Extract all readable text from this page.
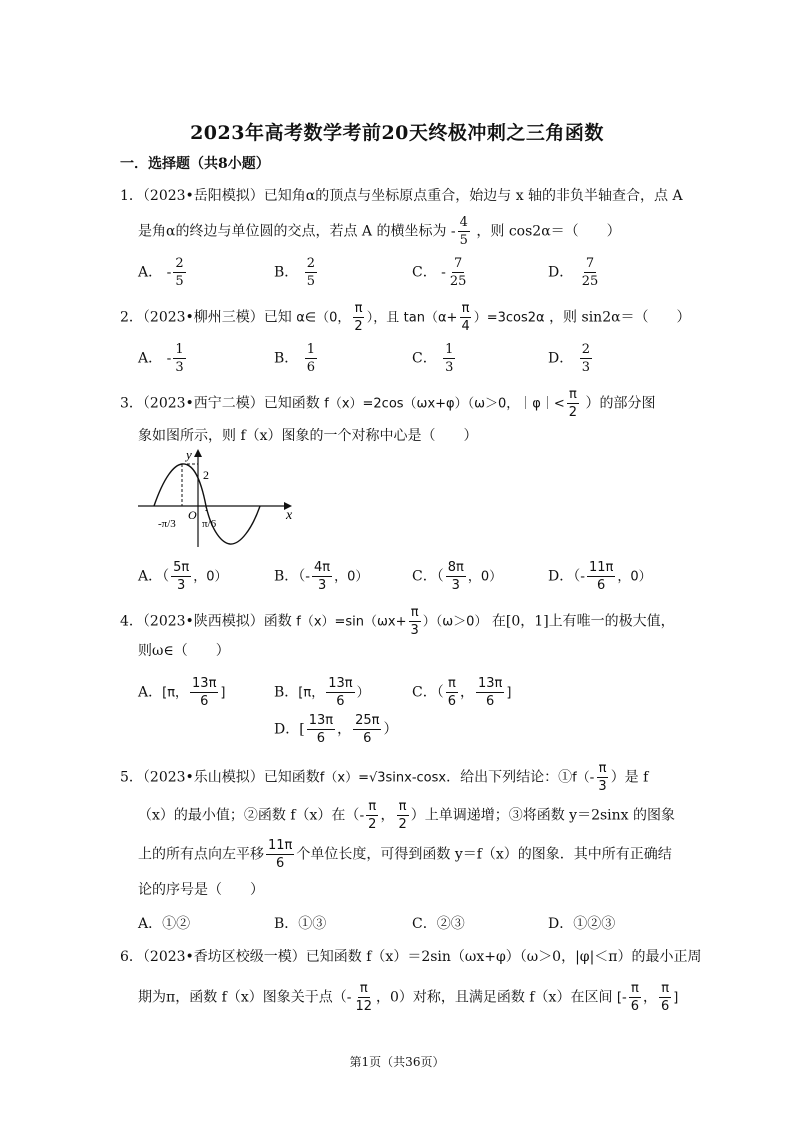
2023年高考数学考前20天终极冲刺之三角函数
一．选择题（共8小题）
1．（2023•岳阳模拟）已知角α的顶点与坐标原点重合，始边与 x 轴的非负半轴查合，点 A
是角α的终边与单位圆的交点，若点 A 的横坐标为 - $\frac{4}{5}$ ，则 cos2α＝（　　）
A． - $\frac{2}{5}$	B． $\frac{2}{5}$	C． - $\frac{7}{25}$	D． $\frac{7}{25}$
2．（2023•柳州三模）已知 α∈（0， $\frac{\pi}{2}$ ），且 $\tan(\alpha+ \frac{\pi}{4} )=3\cos 2\alpha$ ，则 sin2α＝（　　）
A． - $\frac{1}{3}$	B． $\frac{1}{6}$	C． $\frac{1}{3}$	D． $\frac{2}{3}$
3．（2023•西宁二模）已知函数 f（x）=2cos（ωx+φ）（ω＞0，｜φ｜< $\frac{\pi}{2}$ ）的部分图
象如图所示，则 f（x）图象的一个对称中心是（　　）
y
x
2
O
-π/3 π/6
A．（ $\frac{5\pi}{3}$ ，0）	B．（- $\frac{4\pi}{3}$ ，0）	C．（ $\frac{8\pi}{3}$ ，0）	D．（- $\frac{11\pi}{6}$ ，0）
4．（2023•陕西模拟）函数 $f(x)=\sin(\omega x+ \frac{\pi}{3} )(\omega>0)$ 在[0，1]上有唯一的极大值，
则ω∈（　　）
A．[π， $\frac{13\pi}{6}$ ]	B．[π， $\frac{13\pi}{6}$ ）	C．（ $\frac{\pi}{6}$ ， $\frac{13\pi}{6}$ ]
D．[ $\frac{13\pi}{6}$ ， $\frac{25\pi}{6}$ ）
5．（2023•乐山模拟）已知函数f（x）=√3sinx-cosx．给出下列结论：①f（- $\frac{\pi}{3}$ ）是 f
（x）的最小值；②函数 f（x）在（- $\frac{\pi}{2}$ ， $\frac{\pi}{2}$ ）上单调递增；③将函数 y＝2sinx 的图象
上的所有点向左平移 $\frac{11\pi}{6}$ 个单位长度，可得到函数 y＝f（x）的图象．其中所有正确结
论的序号是（　　）
A．①②	B．①③	C．②③	D．①②③
6．（2023•香坊区校级一模）已知函数 f（x）＝2sin（ωx+φ）（ω＞0，|φ|＜π）的最小正周
期为π，函数 f（x）图象关于点（- $\frac{\pi}{12}$ ，0）对称，且满足函数 f（x）在区间 [- $\frac{\pi}{6}$ ， $\frac{\pi}{6}$ ]
第1页（共36页）
